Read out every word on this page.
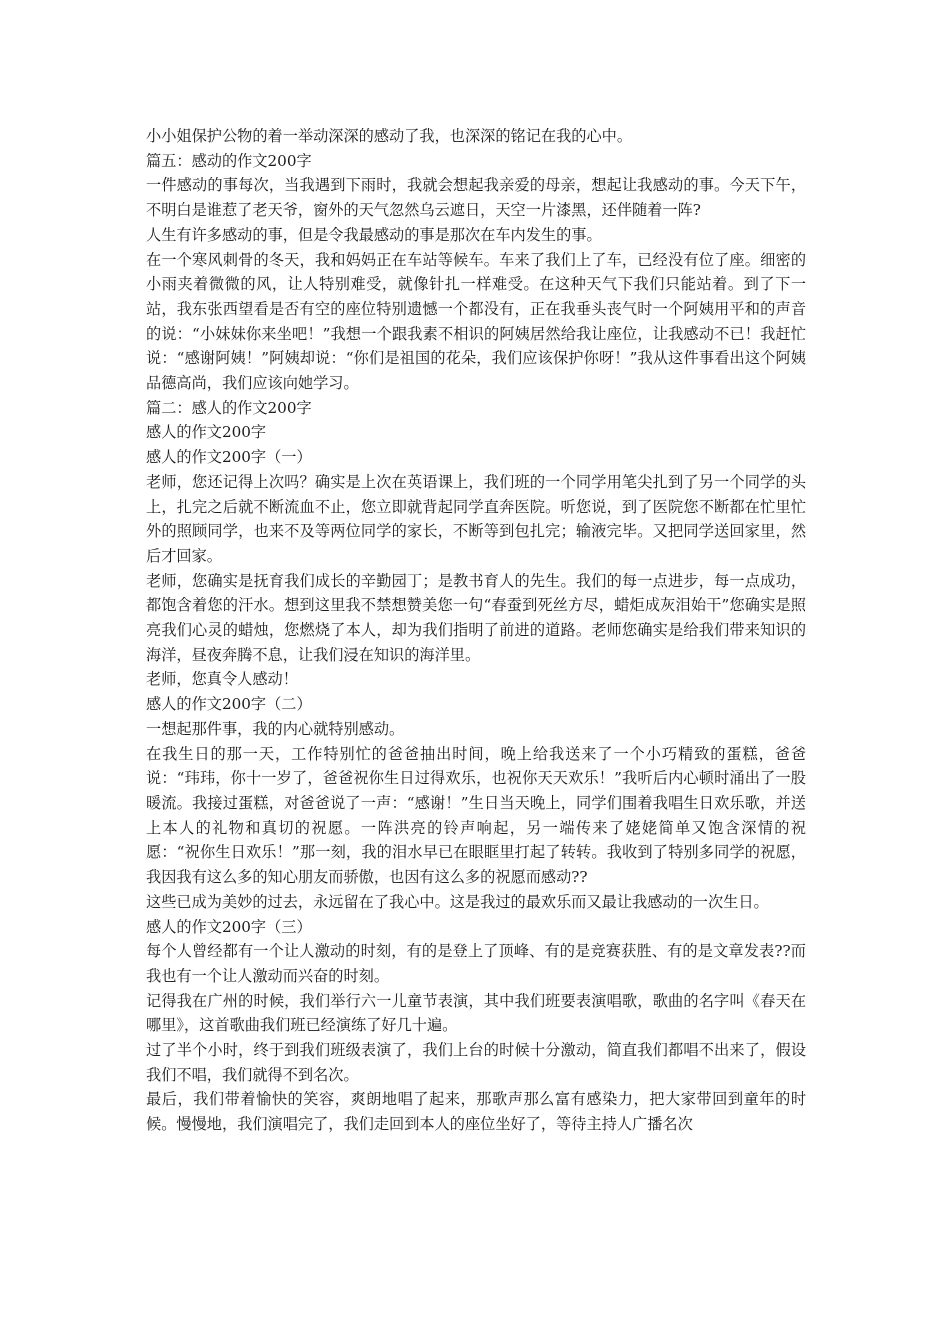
小小姐保护公物的着一举动深深的感动了我，也深深的铭记在我的心中。

篇五：感动的作文200字

一件感动的事每次，当我遇到下雨时，我就会想起我亲爱的母亲，想起让我感动的事。今天下午，不明白是谁惹了老天爷，窗外的天气忽然乌云遮日，天空一片漆黑，还伴随着一阵?

人生有许多感动的事，但是令我最感动的事是那次在车内发生的事。

在一个寒风刺骨的冬天，我和妈妈正在车站等候车。车来了我们上了车，已经没有位了座。细密的小雨夹着微微的风，让人特别难受，就像针扎一样难受。在这种天气下我们只能站着。到了下一站，我东张西望看是否有空的座位特别遗憾一个都没有，正在我垂头丧气时一个阿姨用平和的声音的说：“小妹妹你来坐吧！”我想一个跟我素不相识的阿姨居然给我让座位，让我感动不已！我赶忙说：“感谢阿姨！”阿姨却说：“你们是祖国的花朵，我们应该保护你呀！”我从这件事看出这个阿姨品德高尚，我们应该向她学习。

篇二：感人的作文200字

感人的作文200字

感人的作文200字（一）

老师，您还记得上次吗？确实是上次在英语课上，我们班的一个同学用笔尖扎到了另一个同学的头上，扎完之后就不断流血不止，您立即就背起同学直奔医院。听您说，到了医院您不断都在忙里忙外的照顾同学，也来不及等两位同学的家长，不断等到包扎完；输液完毕。又把同学送回家里，然后才回家。

老师，您确实是抚育我们成长的辛勤园丁；是教书育人的先生。我们的每一点进步，每一点成功，都饱含着您的汗水。想到这里我不禁想赞美您一句“春蚕到死丝方尽，蜡炬成灰泪始干”您确实是照亮我们心灵的蜡烛，您燃烧了本人，却为我们指明了前进的道路。老师您确实是给我们带来知识的海洋，昼夜奔腾不息，让我们浸在知识的海洋里。

老师，您真令人感动！

感人的作文200字（二）

一想起那件事，我的内心就特别感动。

在我生日的那一天，工作特别忙的爸爸抽出时间，晚上给我送来了一个小巧精致的蛋糕，爸爸说：“玮玮，你十一岁了，爸爸祝你生日过得欢乐，也祝你天天欢乐！”我听后内心顿时涌出了一股暖流。我接过蛋糕，对爸爸说了一声：“感谢！”生日当天晚上，同学们围着我唱生日欢乐歌，并送上本人的礼物和真切的祝愿。一阵洪亮的铃声响起，另一端传来了姥姥简单又饱含深情的祝愿：“祝你生日欢乐！”那一刻，我的泪水早已在眼眶里打起了转转。我收到了特别多同学的祝愿，我因我有这么多的知心朋友而骄傲，也因有这么多的祝愿而感动??

这些已成为美妙的过去，永远留在了我心中。这是我过的最欢乐而又最让我感动的一次生日。

感人的作文200字（三）

每个人曾经都有一个让人激动的时刻，有的是登上了顶峰、有的是竞赛获胜、有的是文章发表??而我也有一个让人激动而兴奋的时刻。

记得我在广州的时候，我们举行六一儿童节表演，其中我们班要表演唱歌，歌曲的名字叫《春天在哪里》，这首歌曲我们班已经演练了好几十遍。

过了半个小时，终于到我们班级表演了，我们上台的时候十分激动，简直我们都唱不出来了，假设我们不唱，我们就得不到名次。

最后，我们带着愉快的笑容，爽朗地唱了起来，那歌声那么富有感染力，把大家带回到童年的时候。慢慢地，我们演唱完了，我们走回到本人的座位坐好了，等待主持人广播名次
